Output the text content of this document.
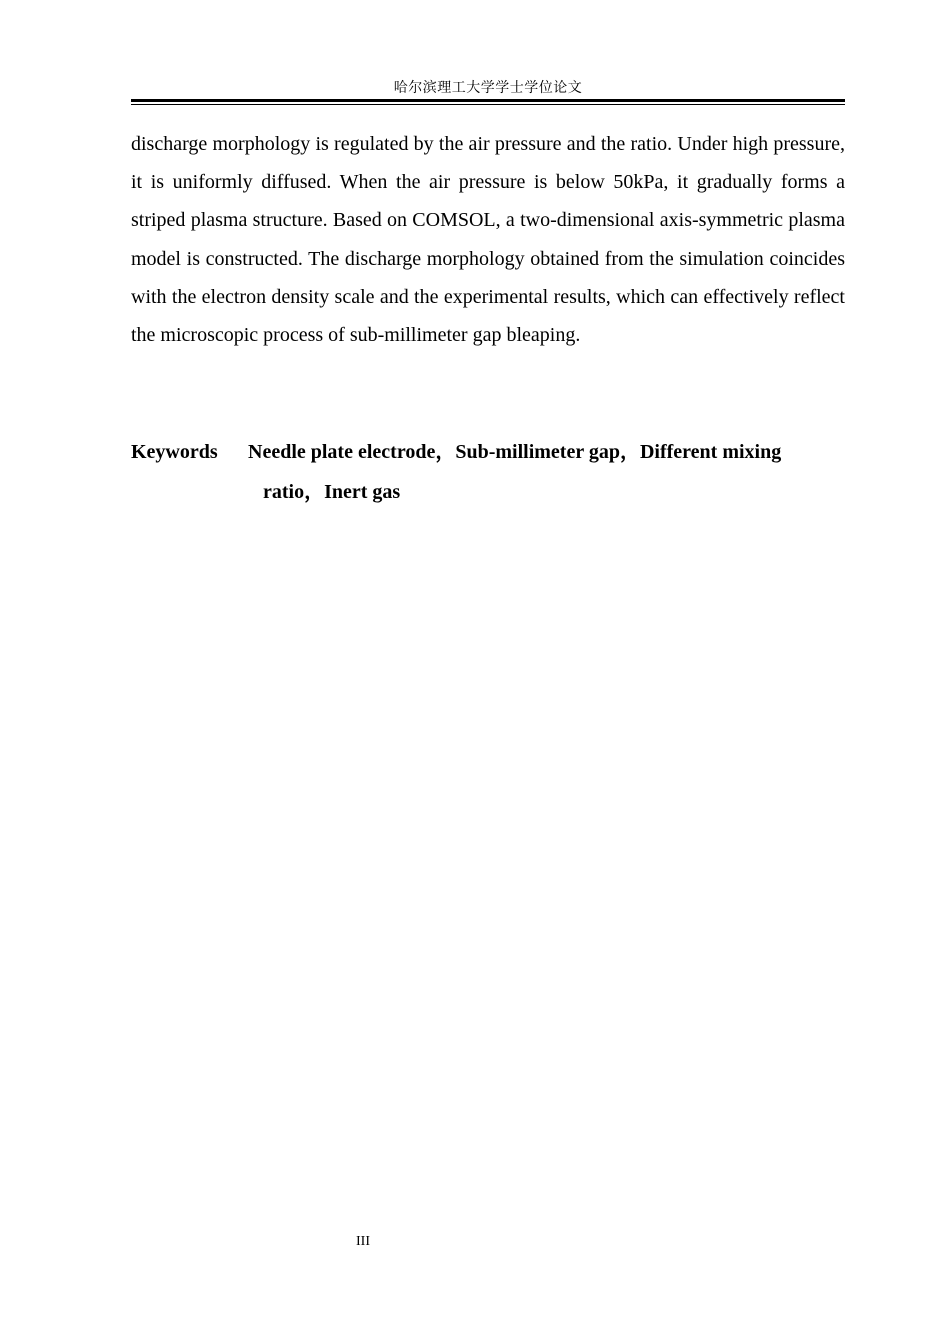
哈尔滨理工大学学士学位论文

discharge morphology is regulated by the air pressure and the ratio. Under high pressure, it is uniformly diffused. When the air pressure is below 50kPa, it gradually forms a striped plasma structure. Based on COMSOL, a two-dimensional axis-symmetric plasma model is constructed. The discharge morphology obtained from the simulation coincides with the electron density scale and the experimental results, which can effectively reflect the microscopic process of sub-millimeter gap bleaping.

Keywords Needle plate electrode，Sub-millimeter gap，Different mixing
ratio，Inert gas
III
